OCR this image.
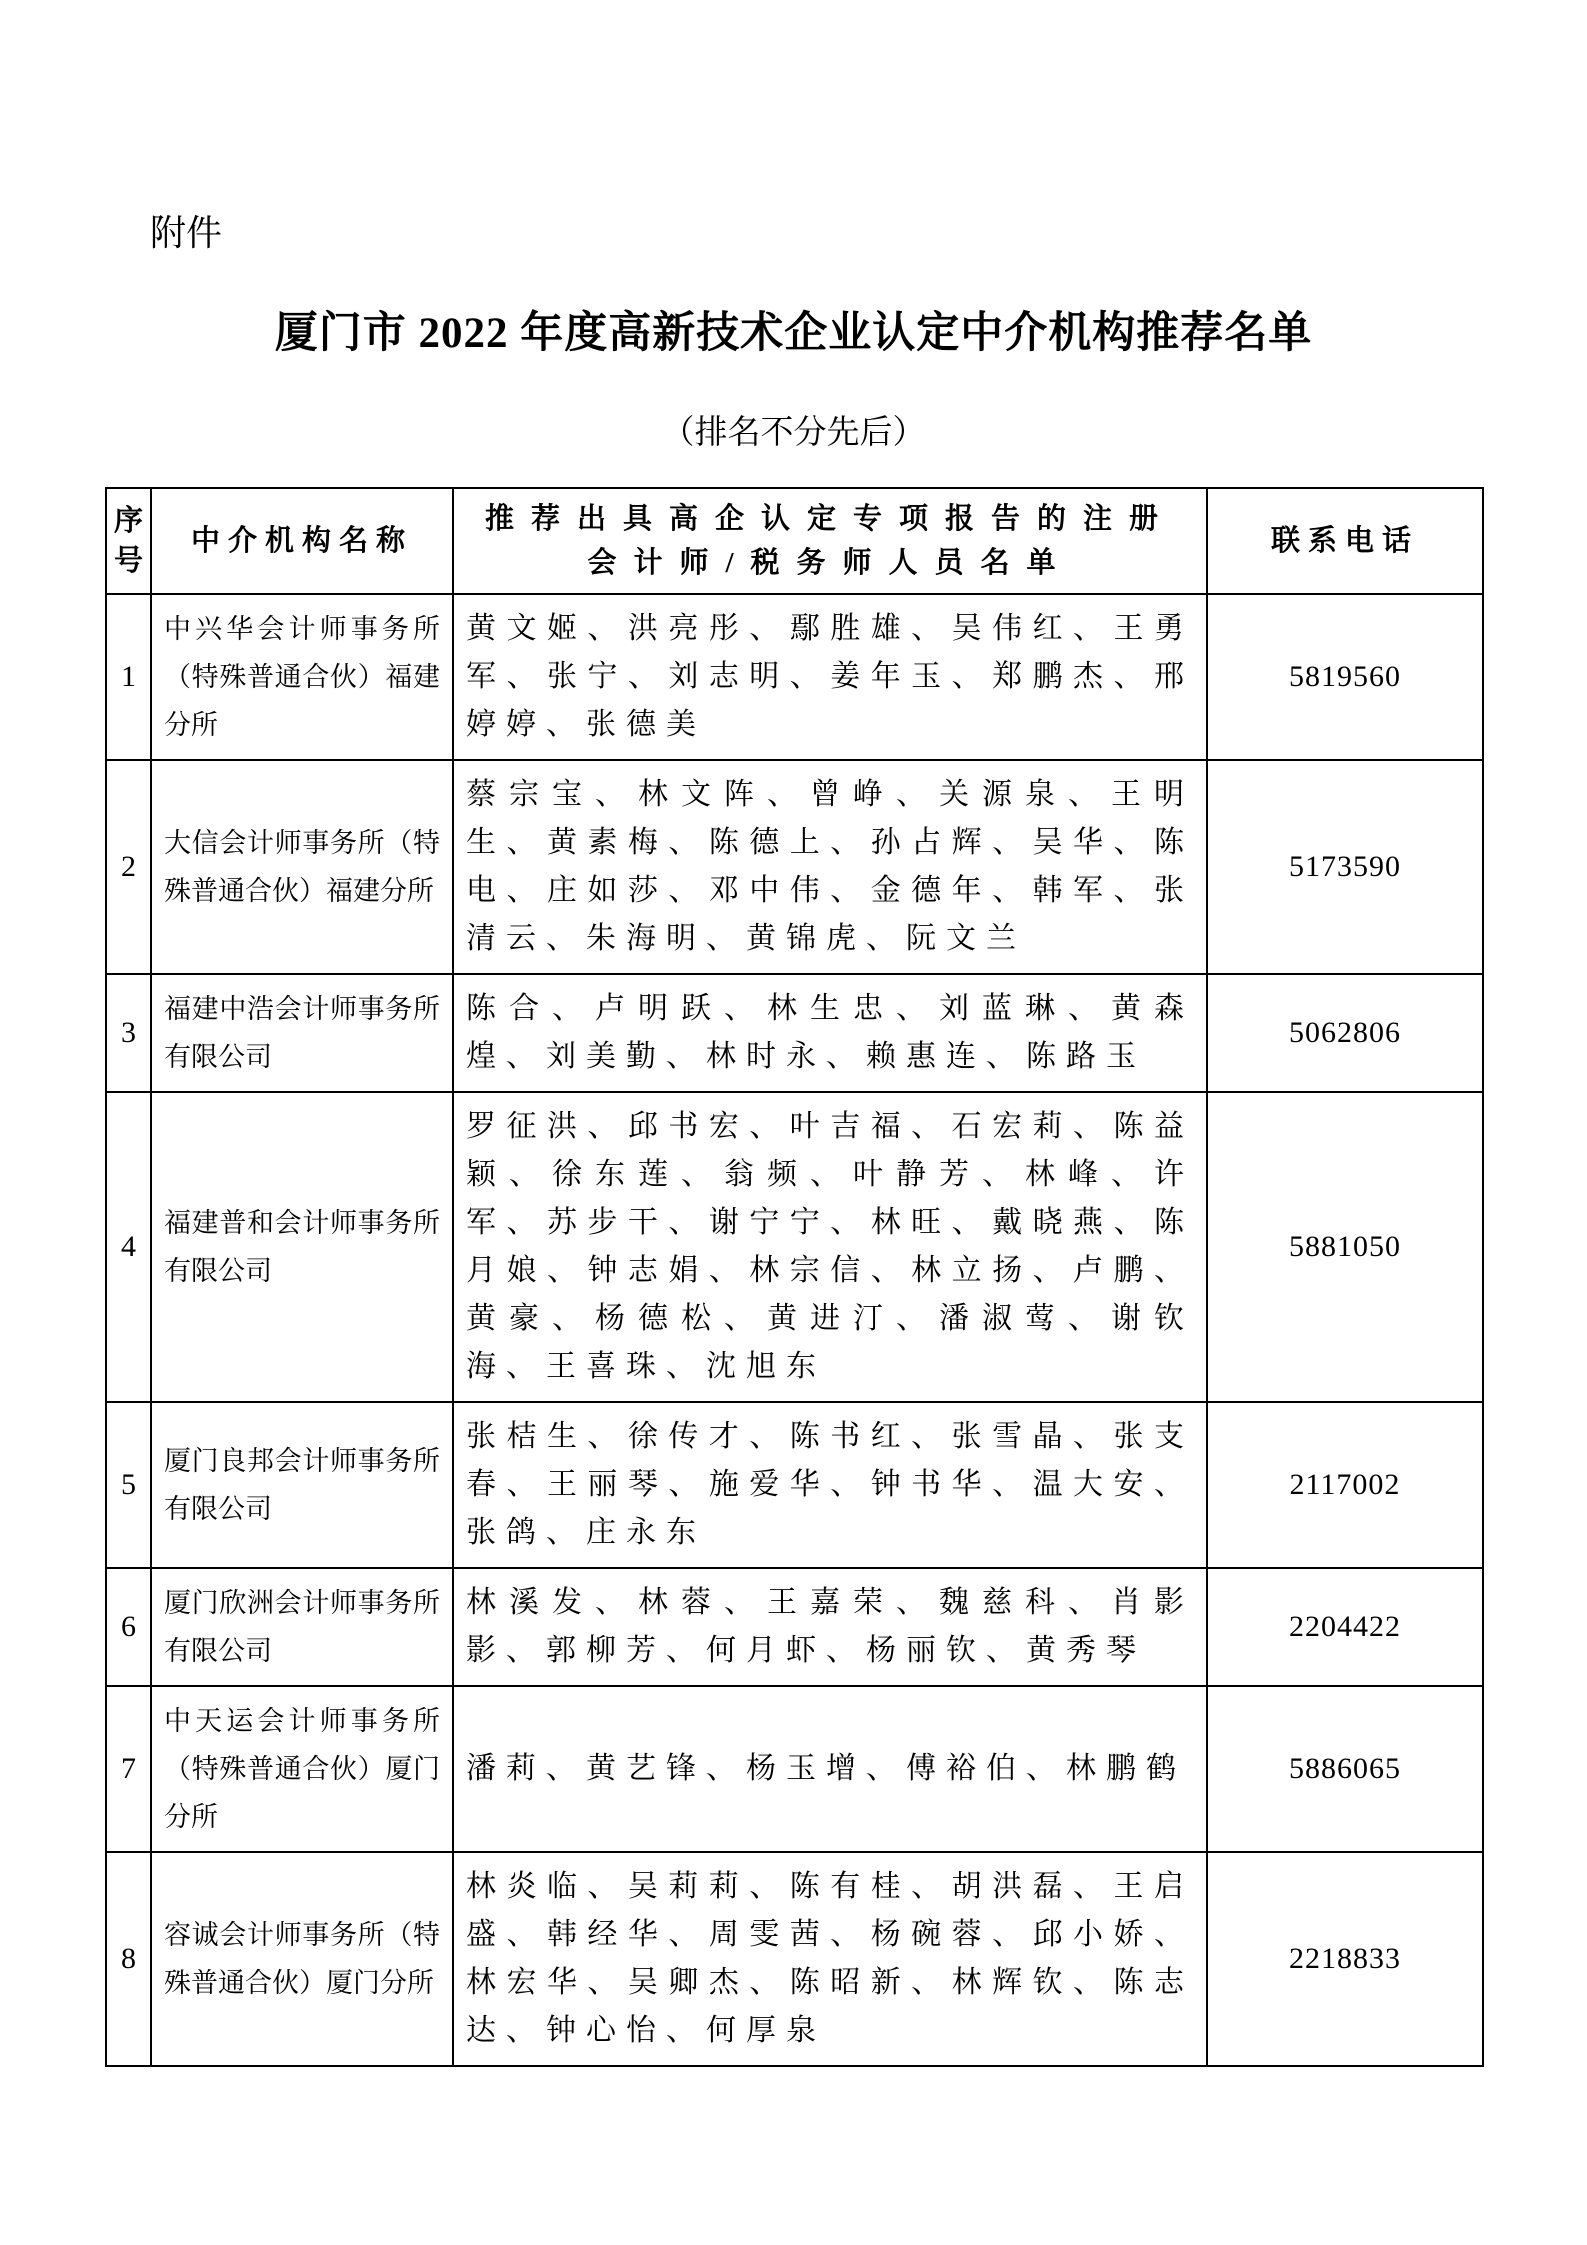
附件
厦门市 2022 年度高新技术企业认定中介机构推荐名单
（排名不分先后）
序号	中介机构名称	推荐出具高企认定专项报告的注册会计师/税务师人员名单	联系电话
1	中兴华会计师事务所（特殊普通合伙）福建分所	黄文姬、洪亮彤、鄢胜雄、吴伟红、王勇军、张宁、刘志明、姜年玉、郑鹏杰、邢婷婷、张德美	5819560
2	大信会计师事务所（特殊普通合伙）福建分所	蔡宗宝、林文阵、曾峥、关源泉、王明生、黄素梅、陈德上、孙占辉、吴华、陈电、庄如莎、邓中伟、金德年、韩军、张清云、朱海明、黄锦虎、阮文兰	5173590
3	福建中浩会计师事务所有限公司	陈合、卢明跃、林生忠、刘蓝琳、黄森煌、刘美勤、林时永、赖惠连、陈路玉	5062806
4	福建普和会计师事务所有限公司	罗征洪、邱书宏、叶吉福、石宏莉、陈益颖、徐东莲、翁频、叶静芳、林峰、许军、苏步干、谢宁宁、林旺、戴晓燕、陈月娘、钟志娟、林宗信、林立扬、卢鹏、黄豪、杨德松、黄进汀、潘淑莺、谢钦海、王喜珠、沈旭东	5881050
5	厦门良邦会计师事务所有限公司	张桔生、徐传才、陈书红、张雪晶、张支春、王丽琴、施爱华、钟书华、温大安、张鸽、庄永东	2117002
6	厦门欣洲会计师事务所有限公司	林溪发、林蓉、王嘉荣、魏慈科、肖影影、郭柳芳、何月虾、杨丽钦、黄秀琴	2204422
7	中天运会计师事务所（特殊普通合伙）厦门分所	潘莉、黄艺锋、杨玉增、傅裕伯、林鹏鹤	5886065
8	容诚会计师事务所（特殊普通合伙）厦门分所	林炎临、吴莉莉、陈有桂、胡洪磊、王启盛、韩经华、周雯茜、杨碗蓉、邱小娇、林宏华、吴卿杰、陈昭新、林辉钦、陈志达、钟心怡、何厚泉	2218833
